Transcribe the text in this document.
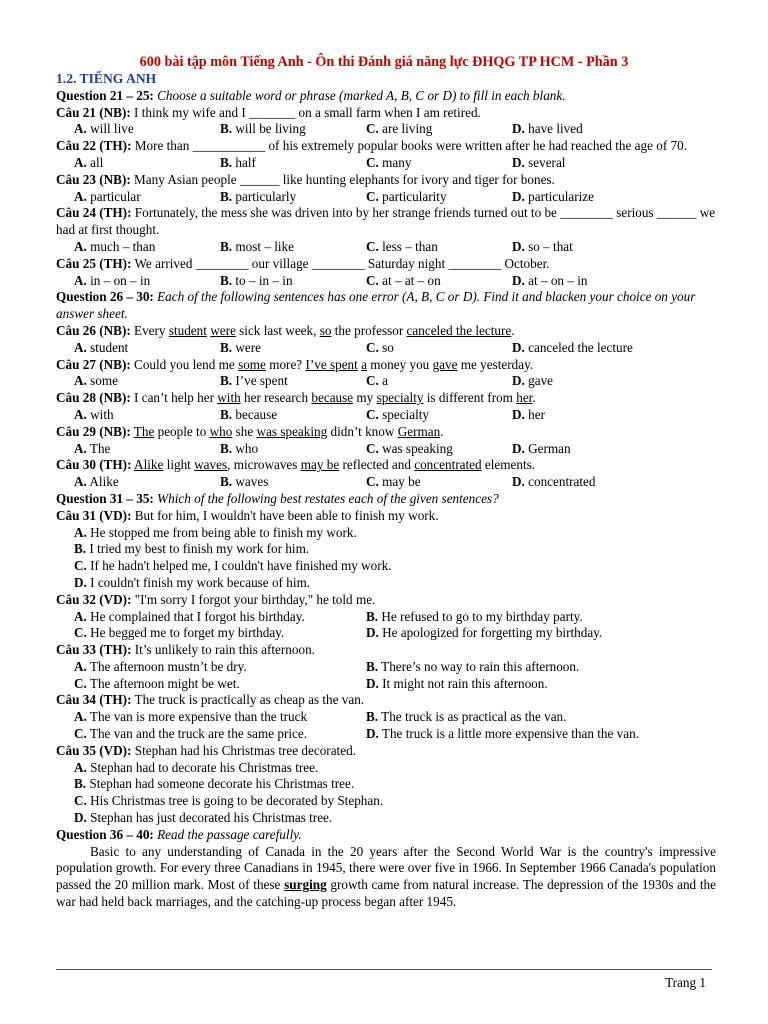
600 bài tập môn Tiếng Anh - Ôn thi Đánh giá năng lực ĐHQG TP HCM - Phần 3
1.2. TIẾNG ANH
Question 21 – 25: Choose a suitable word or phrase (marked A, B, C or D) to fill in each blank.
Câu 21 (NB): I think my wife and I _______ on a small farm when I am retired.
A. will live	B. will be living	C. are living	D. have lived
Câu 22 (TH): More than ___________ of his extremely popular books were written after he had reached the age of 70.
A. all	B. half	C. many	D. several
Câu 23 (NB): Many Asian people ______ like hunting elephants for ivory and tiger for bones.
A. particular	B. particularly	C. particularity	D. particularize
Câu 24 (TH): Fortunately, the mess she was driven into by her strange friends turned out to be ________ serious ______ we had at first thought.
A. much – than	B. most – like	C. less – than	D. so – that
Câu 25 (TH): We arrived ________ our village ________ Saturday night ________ October.
A. in – on – in	B. to – in – in	C. at – at – on	D. at – on – in
Question 26 – 30: Each of the following sentences has one error (A, B, C or D). Find it and blacken your choice on your answer sheet.
Câu 26 (NB): Every student were sick last week, so the professor canceled the lecture.
A. student	B. were	C. so	D. canceled the lecture
Câu 27 (NB): Could you lend me some more? I’ve spent a money you gave me yesterday.
A. some	B. I’ve spent	C. a	D. gave
Câu 28 (NB): I can’t help her with her research because my specialty is different from her.
A. with	B. because	C. specialty	D. her
Câu 29 (NB): The people to who she was speaking didn’t know German.
A. The	B. who	C. was speaking	D. German
Câu 30 (TH): Alike light waves, microwaves may be reflected and concentrated elements.
A. Alike	B. waves	C. may be	D. concentrated
Question 31 – 35: Which of the following best restates each of the given sentences?
Câu 31 (VD): But for him, I wouldn't have been able to finish my work.
A. He stopped me from being able to finish my work.
B. I tried my best to finish my work for him.
C. If he hadn't helped me, I couldn't have finished my work.
D. I couldn't finish my work because of him.
Câu 32 (VD): "I'm sorry I forgot your birthday," he told me.
A. He complained that I forgot his birthday.	B. He refused to go to my birthday party.
C. He begged me to forget my birthday.	D. He apologized for forgetting my birthday.
Câu 33 (TH): It’s unlikely to rain this afternoon.
A. The afternoon mustn’t be dry.	B. There’s no way to rain this afternoon.
C. The afternoon might be wet.	D. It might not rain this afternoon.
Câu 34 (TH): The truck is practically as cheap as the van.
A. The van is more expensive than the truck	B. The truck is as practical as the van.
C. The van and the truck are the same price.	D. The truck is a little more expensive than the van.
Câu 35 (VD): Stephan had his Christmas tree decorated.
A. Stephan had to decorate his Christmas tree.
B. Stephan had someone decorate his Christmas tree.
C. His Christmas tree is going to be decorated by Stephan.
D. Stephan has just decorated his Christmas tree.
Question 36 – 40: Read the passage carefully.
Basic to any understanding of Canada in the 20 years after the Second World War is the country's impressive population growth. For every three Canadians in 1945, there were over five in 1966. In September 1966 Canada's population passed the 20 million mark. Most of these surging growth came from natural increase. The depression of the 1930s and the war had held back marriages, and the catching-up process began after 1945.
Trang 1
